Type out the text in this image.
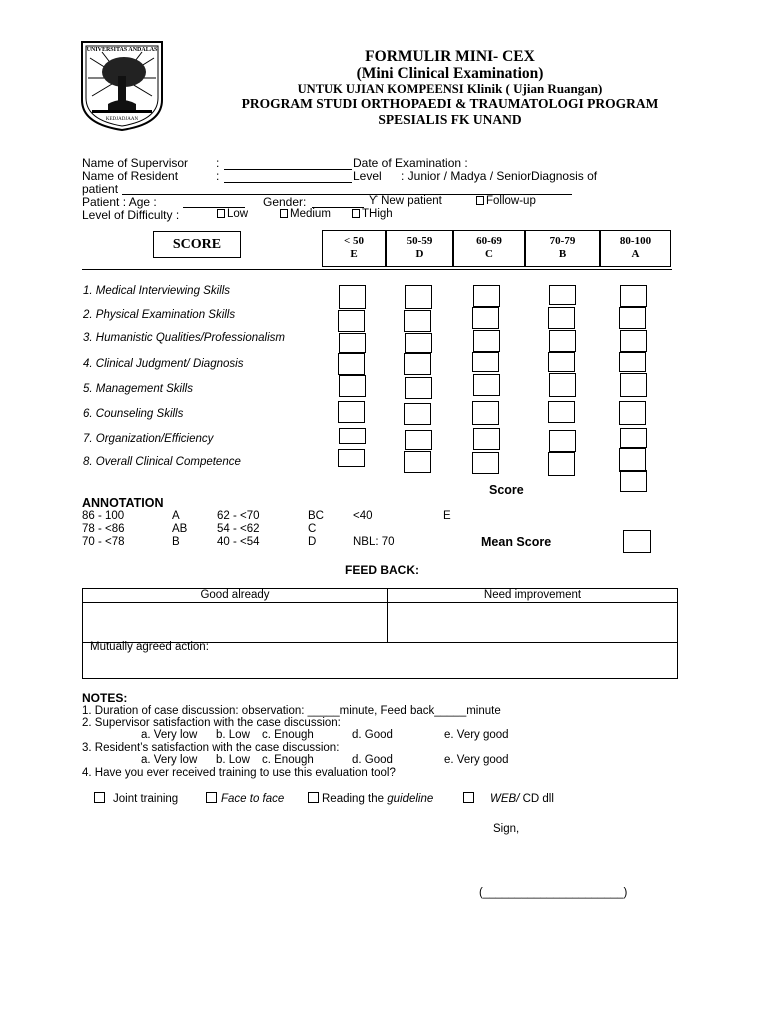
UNIVERSITAS ANDALAS
KEDJADJAAN
FORMULIR MINI- CEX
(Mini Clinical Examination)
UNTUK UJIAN KOMPEENSI Klinik ( Ujian Ruangan)
PROGRAM STUDI ORTHOPAEDI & TRAUMATOLOGI PROGRAM
SPESIALIS FK UNAND
Name of Supervisor :	Date of Examination :
Name of Resident	:	Level : Junior / Madya / SeniorDiagnosis of
patient
Patient : Age :	Gender:	ϒ New patient	Follow-up
Level of Difficulty :	Low	Medium	THigh
SCORE	< 50
E
50-59
D
60-69
C
70-79
B
80-100
A
1. Medical Interviewing Skills
2. Physical Examination Skills
3. Humanistic Qualities/Professionalism
4. Clinical Judgment/ Diagnosis
5. Management Skills
6. Counseling Skills
7. Organization/Efficiency
8. Overall Clinical Competence
Score
ANNOTATION
86 - 100	A	62 - <70	BC	<40	E
78 - <86	AB	54 - <62	C
70 - <78	B	40 - <54	D	NBL: 70	Mean Score
FEED BACK:
Good already	Need improvement
Mutually agreed action:
NOTES:
1. Duration of case discussion: observation: _____minute, Feed back_____minute
2. Supervisor satisfaction with the case discussion:
a. Very low b. Low c. Enough	d. Good	e. Very good
3. Resident’s satisfaction with the case discussion:
a. Very low b. Low c. Enough	d. Good	e. Very good
4. Have you ever received training to use this evaluation tool?
Joint training	Face to face	Reading the guideline	WEB/ CD dll
Sign,
(______________________)
